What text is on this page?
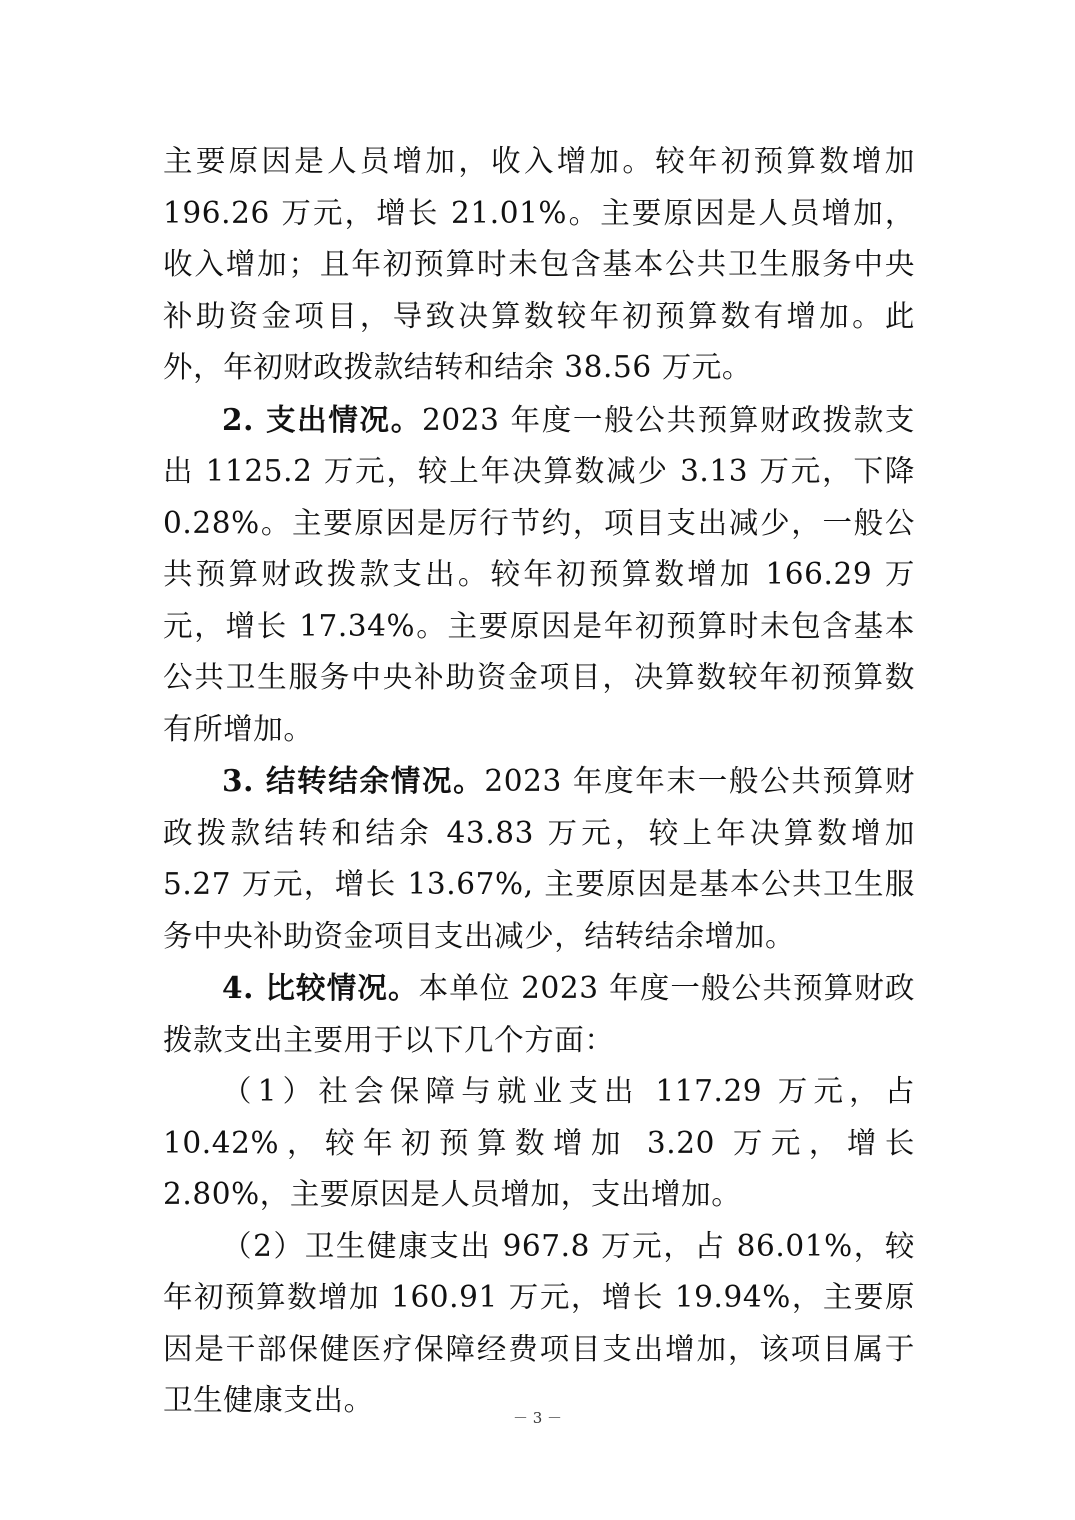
主要原因是人员增加，收入增加。较年初预算数增加 196.26 万元，增长 21.01%。主要原因是人员增加，收入增加；且年初预算时未包含基本公共卫生服务中央补助资金项目，导致决算数较年初预算数有增加。此外，年初财政拨款结转和结余 38.56 万元。

2. 支出情况。2023 年度一般公共预算财政拨款支出 1125.2 万元，较上年决算数减少 3.13 万元，下降 0.28%。主要原因是厉行节约，项目支出减少，一般公共预算财政拨款支出。较年初预算数增加 166.29 万元，增长 17.34%。主要原因是年初预算时未包含基本公共卫生服务中央补助资金项目，决算数较年初预算数有所增加。

3. 结转结余情况。2023 年度年末一般公共预算财政拨款结转和结余 43.83 万元，较上年决算数增加 5.27 万元，增长 13.67%, 主要原因是基本公共卫生服务中央补助资金项目支出减少，结转结余增加。

4. 比较情况。本单位 2023 年度一般公共预算财政拨款支出主要用于以下几个方面：

（1）社会保障与就业支出 117.29 万元，占 10.42%，较年初预算数增加 3.20 万元，增长 2.80%，主要原因是人员增加，支出增加。

（2）卫生健康支出 967.8 万元，占 86.01%，较年初预算数增加 160.91 万元，增长 19.94%，主要原因是干部保健医疗保障经费项目支出增加，该项目属于卫生健康支出。

－ 3 －
